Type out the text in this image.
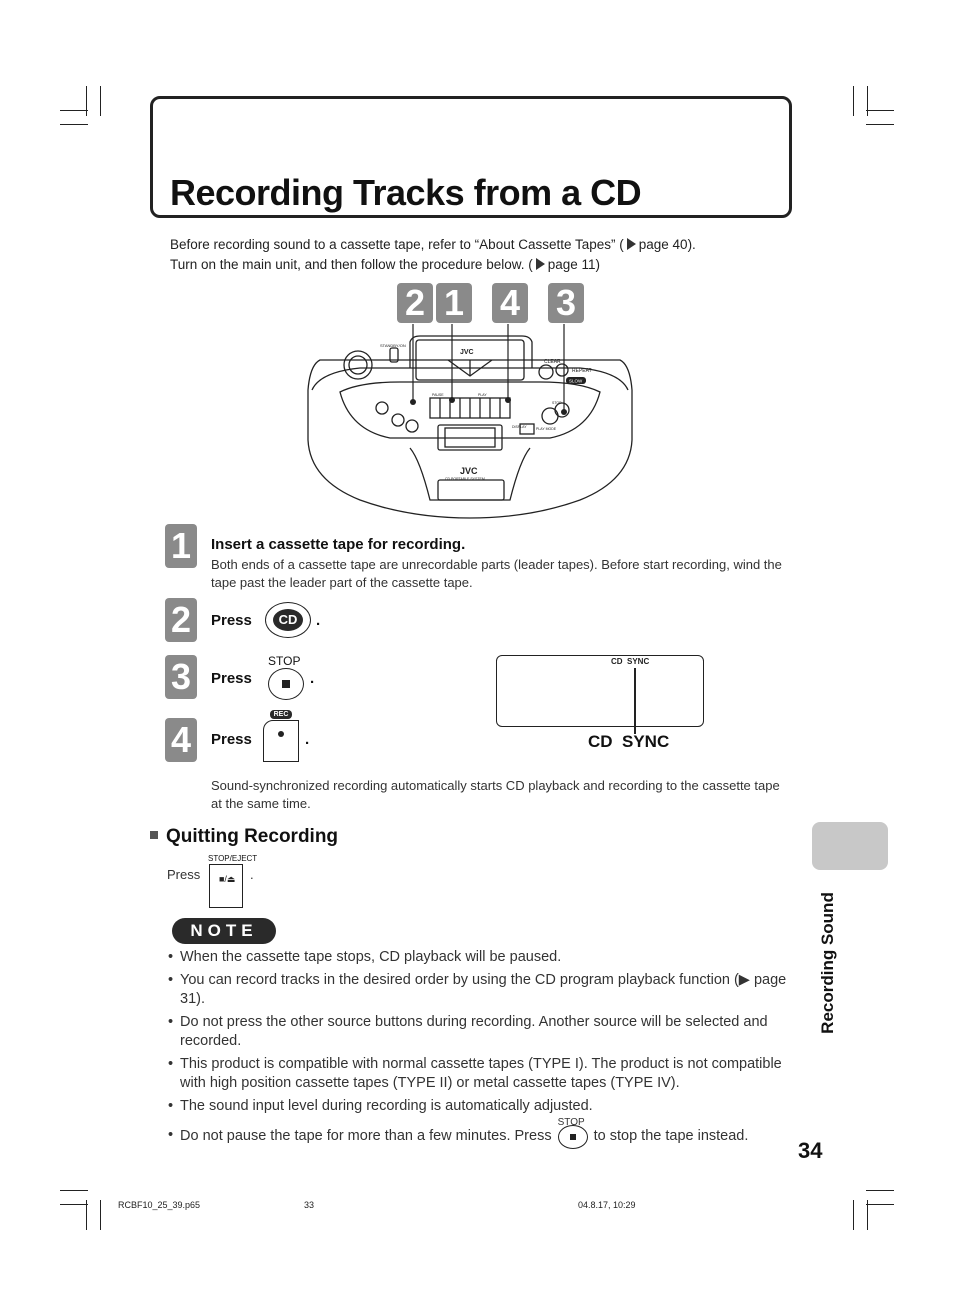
Recording Tracks from a CD
Before recording sound to a cassette tape, refer to “About Cassette Tapes” ( page 40).
Turn on the main unit, and then follow the procedure below. ( page 11)
2 1 4 3
JVC
JVC
CD PORTABLE SYSTEM
STANDBY/ON
CLEAR
REPEAT
SLOW
PAUSE	PLAY
STOP
DISPLAY	PLAY MODE
1	Insert a cassette tape for recording.
Both ends of a cassette tape are unrecordable parts (leader tapes). Before start recording, wind the tape past the leader part of the cassette tape.
2	Press	CD	.
3	Press
STOP
.
4	Press
REC
.
CD  SYNC
CD  SYNC
Sound-synchronized recording automatically starts CD playback and recording to the cassette tape at the same time.
Quitting Recording
Press
STOP/EJECT
■/⏏ .
NOTE
• When the cassette tape stops, CD playback will be paused.
• You can record tracks in the desired order by using the CD program playback function (▶ page 31).
• Do not press the other source buttons during recording. Another source will be selected and recorded.
• This product is compatible with normal cassette tapes (TYPE I). The product is not compatible with high position cassette tapes (TYPE II) or metal cassette tapes (TYPE IV).
• The sound input level during recording is automatically adjusted.
• Do not pause the tape for more than a few minutes. Press
STOP
to stop the tape instead.
Recording Sound
34
RCBF10_25_39.p65	33	04.8.17, 10:29
